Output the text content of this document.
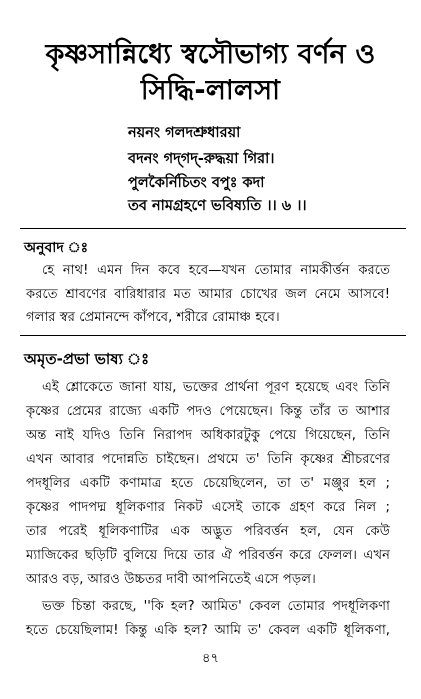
কৃষ্ণসান্নিধ্যে স্বসৌভাগ্য বর্ণন ও
সিদ্ধি-লালসা
নয়নং গলদশ্রুধারয়া
বদনং গদ্‌গদ্‌-রুদ্ধয়া গিরা।
পুলকৈর্নিচিতং বপুঃ কদা
তব নামগ্রহণে ভবিষ্যতি ।। ৬ ।।
অনুবাদ ঃ
হে নাথ! এমন দিন কবে হবে—যখন তোমার নামকীর্ত্তন করতে
করতে শ্রাবণের বারিধারার মত আমার চোখের জল নেমে আসবে!
গলার স্বর প্রেমানন্দে কাঁপবে, শরীরে রোমাঞ্চ হবে।
অমৃত-প্রভা ভাষ্য ঃ
এই শ্লোকেতে জানা যায়, ভক্তের প্রার্থনা পূরণ হয়েছে এবং তিনি
কৃষ্ণের প্রেমের রাজ্যে একটি পদও পেয়েছেন। কিন্তু তাঁর ত আশার
অন্ত নাই যদিও তিনি নিরাপদ অধিকারটুকু পেয়ে গিয়েছেন, তিনি
এখন আবার পদোন্নতি চাইছেন। প্রথমে ত' তিনি কৃষ্ণের শ্রীচরণের
পদধূলির একটি কণামাত্র হতে চেয়েছিলেন, তা ত' মঞ্জুর হল ;
কৃষ্ণের পাদপদ্ম ধূলিকণার নিকট এসেই তাকে গ্রহণ করে নিল ;
তার পরেই ধূলিকণাটির এক অদ্ভুত পরিবর্ত্তন হল, যেন কেউ
ম্যাজিকের ছড়িটি বুলিয়ে দিয়ে তার ঐ পরিবর্ত্তন করে ফেলল। এখন
আরও বড়, আরও উচ্চতর দাবী আপনিতেই এসে পড়ল।
ভক্ত চিন্তা করছে, ''কি হল? আমিত' কেবল তোমার পদধূলিকণা
হতে চেয়েছিলাম! কিন্তু একি হল? আমি ত' কেবল একটি ধূলিকণা,
৪৭
